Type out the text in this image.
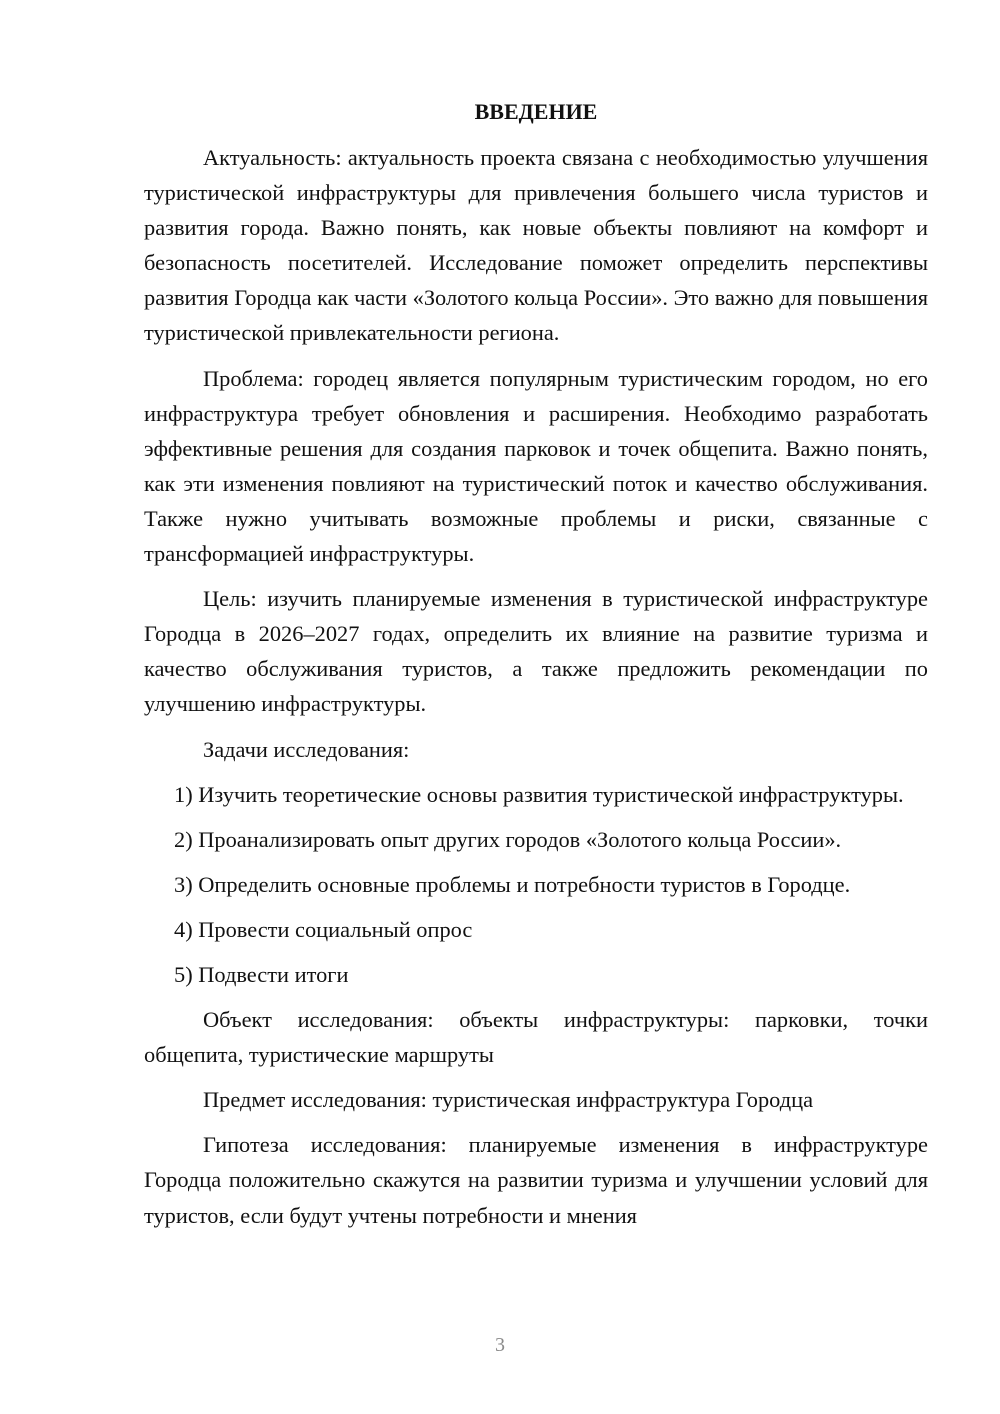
ВВЕДЕНИЕ

Актуальность: актуальность проекта связана с необходимостью улучшения туристической инфраструктуры для привлечения большего числа туристов и развития города. Важно понять, как новые объекты повлияют на комфорт и безопасность посетителей. Исследование поможет определить перспективы развития Городца как части «Золотого кольца России». Это важно для повышения туристической привлекательности региона.

Проблема: городец является популярным туристическим городом, но его инфраструктура требует обновления и расширения. Необходимо разработать эффективные решения для создания парковок и точек общепита. Важно понять, как эти изменения повлияют на туристический поток и качество обслуживания. Также нужно учитывать возможные проблемы и риски, связанные с трансформацией инфраструктуры.

Цель: изучить планируемые изменения в туристической инфраструктуре Городца в 2026–2027 годах, определить их влияние на развитие туризма и качество обслуживания туристов, а также предложить рекомендации по улучшению инфраструктуры.

Задачи исследования:

1) Изучить теоретические основы развития туристической инфраструктуры.

2) Проанализировать опыт других городов «Золотого кольца России».

3) Определить основные проблемы и потребности туристов в Городце.

4) Провести социальный опрос

5) Подвести итоги

Объект исследования: объекты инфраструктуры: парковки, точки общепита, туристические маршруты

Предмет исследования: туристическая инфраструктура Городца

Гипотеза исследования: планируемые изменения в инфраструктуре Городца положительно скажутся на развитии туризма и улучшении условий для туристов, если будут учтены потребности и мнения

3
